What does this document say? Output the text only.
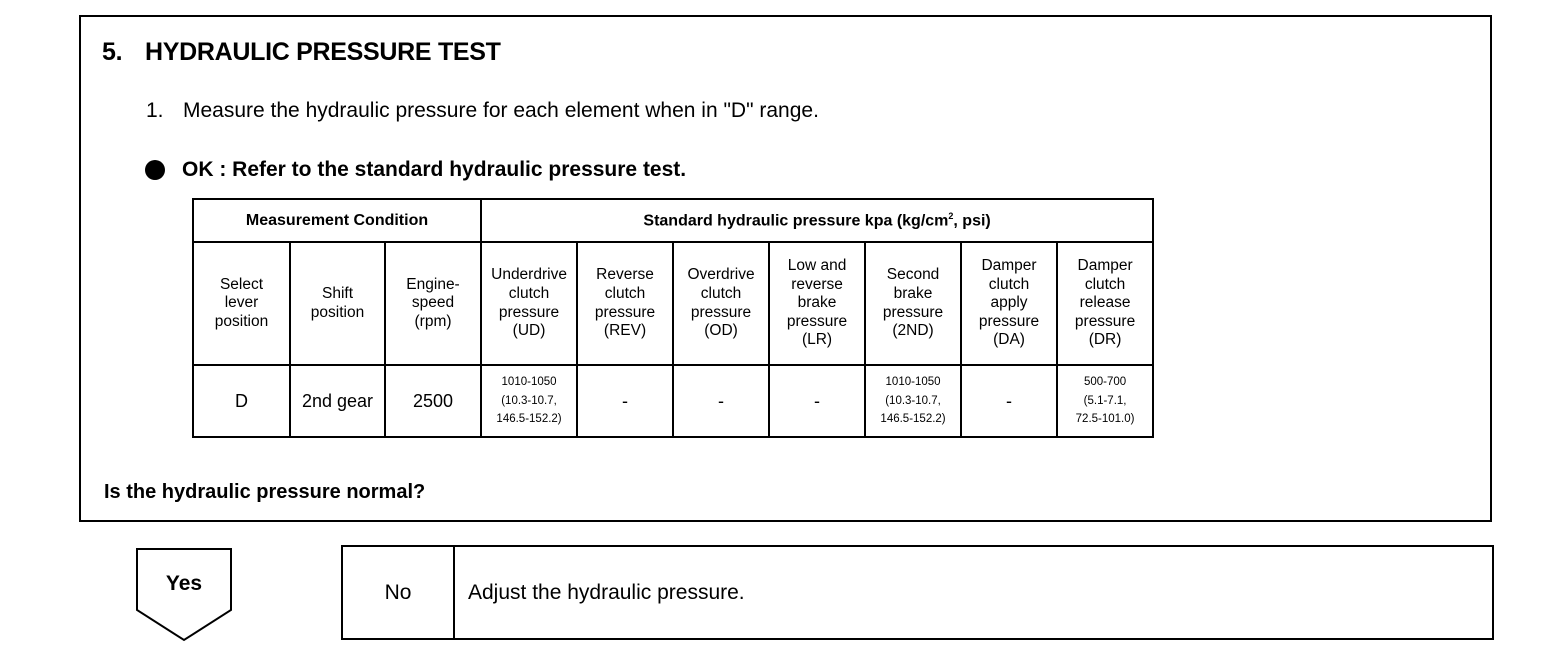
5. HYDRAULIC PRESSURE TEST
1. Measure the hydraulic pressure for each element when in "D" range.
OK : Refer to the standard hydraulic pressure test.
Measurement Condition			Standard hydraulic pressure kpa ($kg/cm^2$, psi)						
Select
lever
position	Shift
position	Engine-
speed
(rpm)	Underdrive
clutch
pressure
(UD)	Reverse
clutch
pressure
(REV)	Overdrive
clutch
pressure
(OD)	Low and
reverse
brake
pressure
(LR)	Second
brake
pressure
(2ND)	Damper
clutch
apply
pressure
(DA)	Damper
clutch
release
pressure
(DR)
D	2nd gear	2500	1010-1050
(10.3-10.7,
146.5-152.2)	-	-	-	1010-1050
(10.3-10.7,
146.5-152.2)	-	500-700
(5.1-7.1,
72.5-101.0)
Is the hydraulic pressure normal?
Yes	No	Adjust the hydraulic pressure.
